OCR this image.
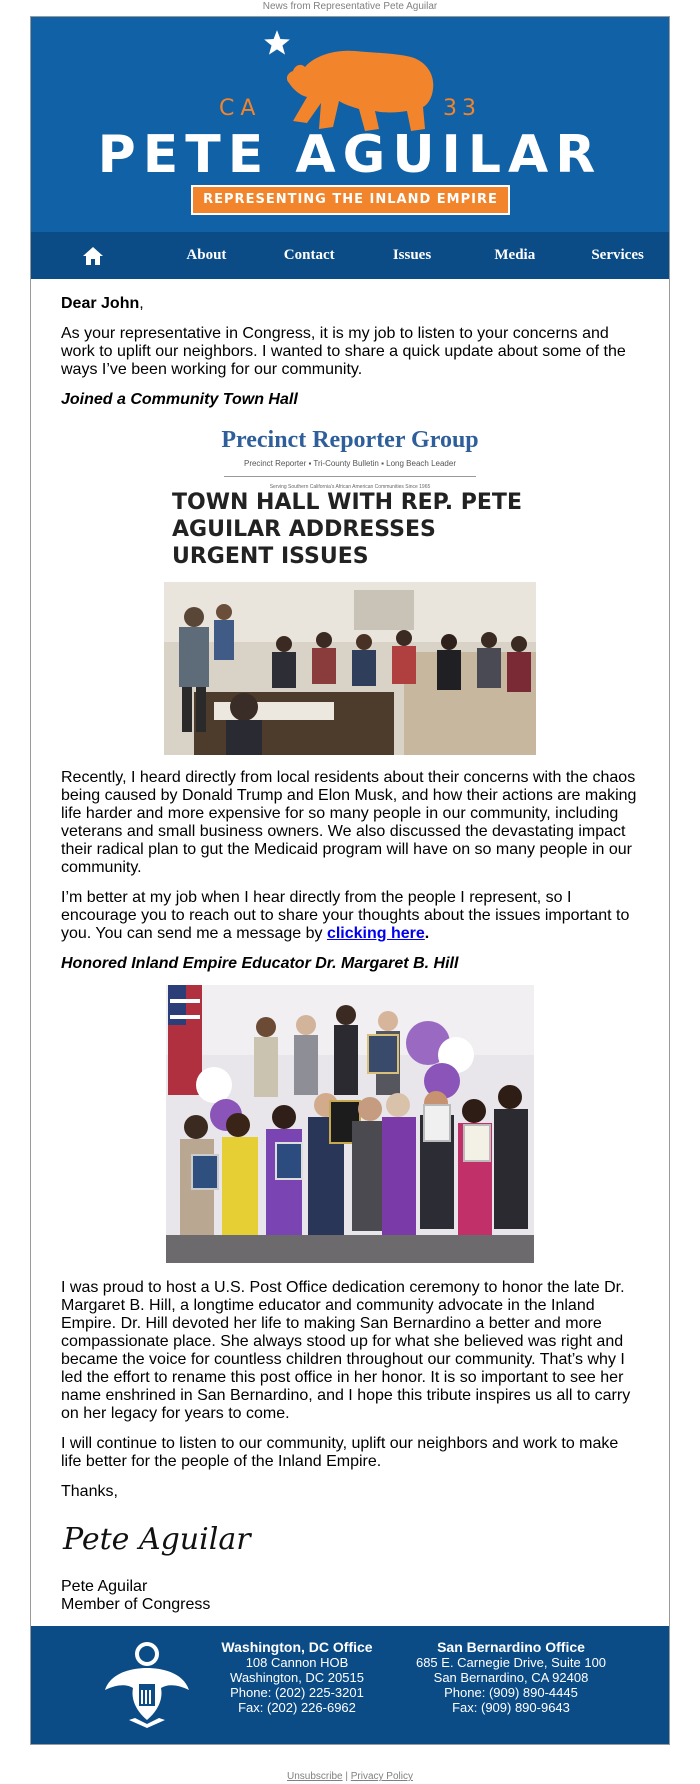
News from Representative Pete Aguilar
CA	33
PETE AGUILAR
REPRESENTING THE INLAND EMPIRE
About	Contact	Issues	Media	Services

Dear John,

As your representative in Congress, it is my job to listen to your concerns and work to uplift our neighbors. I wanted to share a quick update about some of the ways I’ve been working for our community.

Joined a Community Town Hall

Precinct Reporter Group
Precinct Reporter ▪ Tri-County Bulletin ▪ Long Beach Leader
Serving Southern California’s African American Communities Since 1965
TOWN HALL WITH REP. PETE AGUILAR ADDRESSES URGENT ISSUES

Recently, I heard directly from local residents about their concerns with the chaos being caused by Donald Trump and Elon Musk, and how their actions are making life harder and more expensive for so many people in our community, including veterans and small business owners. We also discussed the devastating impact their radical plan to gut the Medicaid program will have on so many people in our community.

I’m better at my job when I hear directly from the people I represent, so I encourage you to reach out to share your thoughts about the issues important to you. You can send me a message by clicking here.

Honored Inland Empire Educator Dr. Margaret B. Hill

I was proud to host a U.S. Post Office dedication ceremony to honor the late Dr. Margaret B. Hill, a longtime educator and community advocate in the Inland Empire. Dr. Hill devoted her life to making San Bernardino a better and more compassionate place. She always stood up for what she believed was right and became the voice for countless children throughout our community. That’s why I led the effort to rename this post office in her honor. It is so important to see her name enshrined in San Bernardino, and I hope this tribute inspires us all to carry on her legacy for years to come.

I will continue to listen to our community, uplift our neighbors and work to make life better for the people of the Inland Empire.

Thanks,

Pete Aguilar
Pete Aguilar
Member of Congress
Washington, DC Office
108 Cannon HOB
Washington, DC 20515
Phone: (202) 225-3201
Fax: (202) 226-6962
San Bernardino Office
685 E. Carnegie Drive, Suite 100
San Bernardino, CA 92408
Phone: (909) 890-4445
Fax: (909) 890-9643
Unsubscribe | Privacy Policy
